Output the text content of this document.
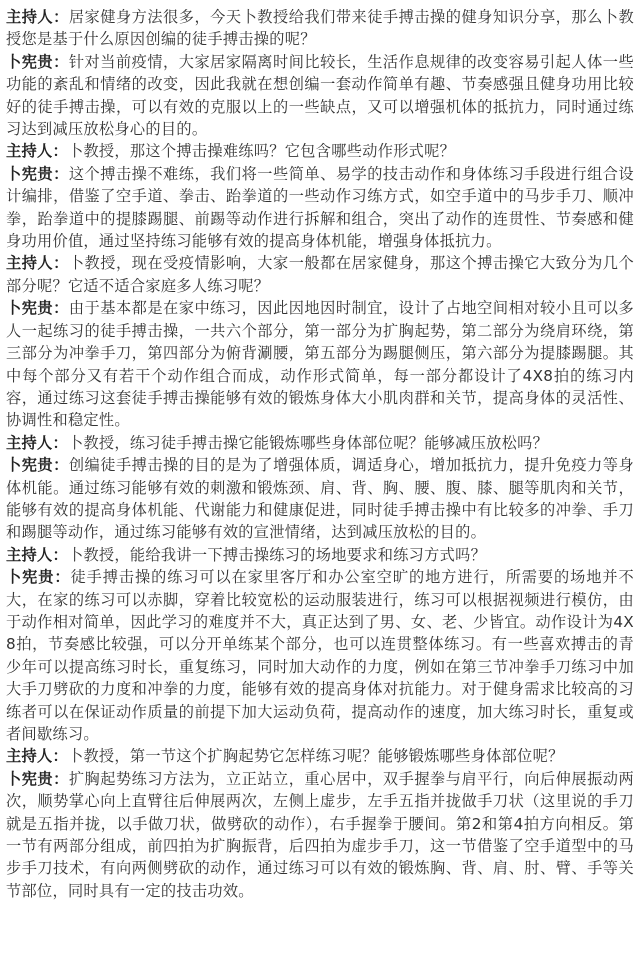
主持人：居家健身方法很多，今天卜教授给我们带来徒手搏击操的健身知识分享，那么卜教授您是基于什么原因创编的徒手搏击操的呢？

卜宪贵：针对当前疫情，大家居家隔离时间比较长，生活作息规律的改变容易引起人体一些功能的紊乱和情绪的改变，因此我就在想创编一套动作简单有趣、节奏感强且健身功用比较好的徒手搏击操，可以有效的克服以上的一些缺点，又可以增强机体的抵抗力，同时通过练习达到减压放松身心的目的。

主持人：卜教授，那这个搏击操难练吗？它包含哪些动作形式呢？

卜宪贵：这个搏击操不难练，我们将一些简单、易学的技击动作和身体练习手段进行组合设计编排，借鉴了空手道、拳击、跆拳道的一些动作习练方式，如空手道中的马步手刀、顺冲拳，跆拳道中的提膝踢腿、前踢等动作进行拆解和组合，突出了动作的连贯性、节奏感和健身功用价值，通过坚持练习能够有效的提高身体机能，增强身体抵抗力。

主持人：卜教授，现在受疫情影响，大家一般都在居家健身，那这个搏击操它大致分为几个部分呢？它适不适合家庭多人练习呢？

卜宪贵：由于基本都是在家中练习，因此因地因时制宜，设计了占地空间相对较小且可以多人一起练习的徒手搏击操，一共六个部分，第一部分为扩胸起势，第二部分为绕肩环绕，第三部分为冲拳手刀，第四部分为俯背涮腰，第五部分为踢腿侧压，第六部分为提膝踢腿。其中每个部分又有若干个动作组合而成，动作形式简单，每一部分都设计了4X8拍的练习内容，通过练习这套徒手搏击操能够有效的锻炼身体大小肌肉群和关节，提高身体的灵活性、协调性和稳定性。

主持人：卜教授，练习徒手搏击操它能锻炼哪些身体部位呢？能够减压放松吗？

卜宪贵：创编徒手搏击操的目的是为了增强体质，调适身心，增加抵抗力，提升免疫力等身体机能。通过练习能够有效的刺激和锻炼颈、肩、背、胸、腰、腹、膝、腿等肌肉和关节，能够有效的提高身体机能、代谢能力和健康促进，同时徒手搏击操中有比较多的冲拳、手刀和踢腿等动作，通过练习能够有效的宣泄情绪，达到减压放松的目的。

主持人：卜教授，能给我讲一下搏击操练习的场地要求和练习方式吗？

卜宪贵：徒手搏击操的练习可以在家里客厅和办公室空旷的地方进行，所需要的场地并不大，在家的练习可以赤脚，穿着比较宽松的运动服装进行，练习可以根据视频进行模仿，由于动作相对简单，因此学习的难度并不大，真正达到了男、女、老、少皆宜。动作设计为4X8拍，节奏感比较强，可以分开单练某个部分，也可以连贯整体练习。有一些喜欢搏击的青少年可以提高练习时长，重复练习，同时加大动作的力度，例如在第三节冲拳手刀练习中加大手刀劈砍的力度和冲拳的力度，能够有效的提高身体对抗能力。对于健身需求比较高的习练者可以在保证动作质量的前提下加大运动负荷，提高动作的速度，加大练习时长，重复或者间歇练习。

主持人：卜教授，第一节这个扩胸起势它怎样练习呢？能够锻炼哪些身体部位呢？

卜宪贵：扩胸起势练习方法为，立正站立，重心居中，双手握拳与肩平行，向后伸展振动两次，顺势掌心向上直臂往后伸展两次，左侧上虚步，左手五指并拢做手刀状（这里说的手刀就是五指并拢，以手做刀状，做劈砍的动作），右手握拳于腰间。第2和第4拍方向相反。第一节有两部分组成，前四拍为扩胸振背，后四拍为虚步手刀，这一节借鉴了空手道型中的马步手刀技术，有向两侧劈砍的动作，通过练习可以有效的锻炼胸、背、肩、肘、臂、手等关节部位，同时具有一定的技击功效。
